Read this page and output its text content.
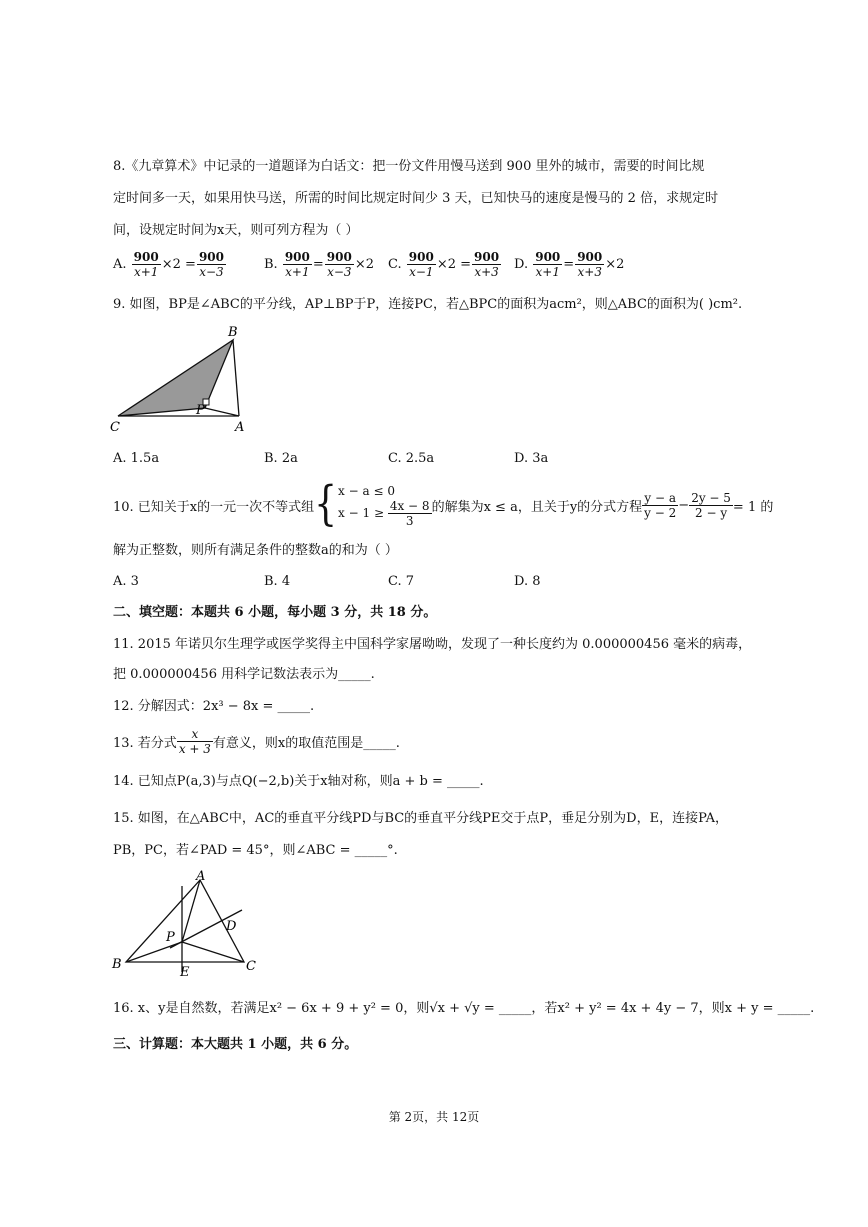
8.《九章算术》中记录的一道题译为白话文：把一份文件用慢马送到 900 里外的城市，需要的时间比规
定时间多一天，如果用快马送，所需的时间比规定时间少 3 天，已知快马的速度是慢马的 2 倍，求规定时
间，设规定时间为x天，则可列方程为（ ）
A. $\frac{900}{x+1} \times 2 = \frac{900}{x-3}$	B. $\frac{900}{x+1} = \frac{900}{x-3} \times 2$ C. $\frac{900}{x-1} \times 2 = \frac{900}{x+3} D$. $\frac{900}{x+1} = \frac{900}{x+3} \times 2$
9. 如图，BP是∠ABC的平分线，AP⊥BP于P，连接PC，若△BPC的面积为acm²，则△ABC的面积为( )cm².
B
C	A
P
A. 1.5a	B. 2a	C. 2.5a	D. 3a
10. 已知关于x的一元一次不等式组 { x − a ≤ 0
$x - 1 \ge \frac{4x - 8}{3}$ 的解集为x ≤ a，且关于y的分式方程
y − a
$y - 2 - \frac{2y - 5}{2 - y} = 1$ 的
解为正整数，则所有满足条件的整数a的和为（ ）
A. 3	B. 4	C. 7	D. 8
二、填空题：本题共 6 小题，每小题 3 分，共 18 分。
11. 2015 年诺贝尔生理学或医学奖得主中国科学家屠呦呦，发现了一种长度约为 0.000000456 毫米的病毒，
把 0.000000456 用科学记数法表示为_____.
12. 分解因式：2x³ − 8x = _____.
13. 若分式
x
x + 3 有意义，则x的取值范围是_____.
14. 已知点P(a,3)与点Q(−2,b)关于x轴对称，则a + b = _____.
15. 如图，在△ABC中，AC的垂直平分线PD与BC的垂直平分线PE交于点P，垂足分别为D，E，连接PA，
PB，PC，若∠PAD = 45°，则∠ABC = _____°.
A
B	C
D
E
P
16. x、y是自然数，若满足x² − 6x + 9 + y² = 0，则√x + √y = _____，若x² + y² = 4x + 4y − 7，则x + y = _____.
三、计算题：本大题共 1 小题，共 6 分。
第 2页，共 12页
